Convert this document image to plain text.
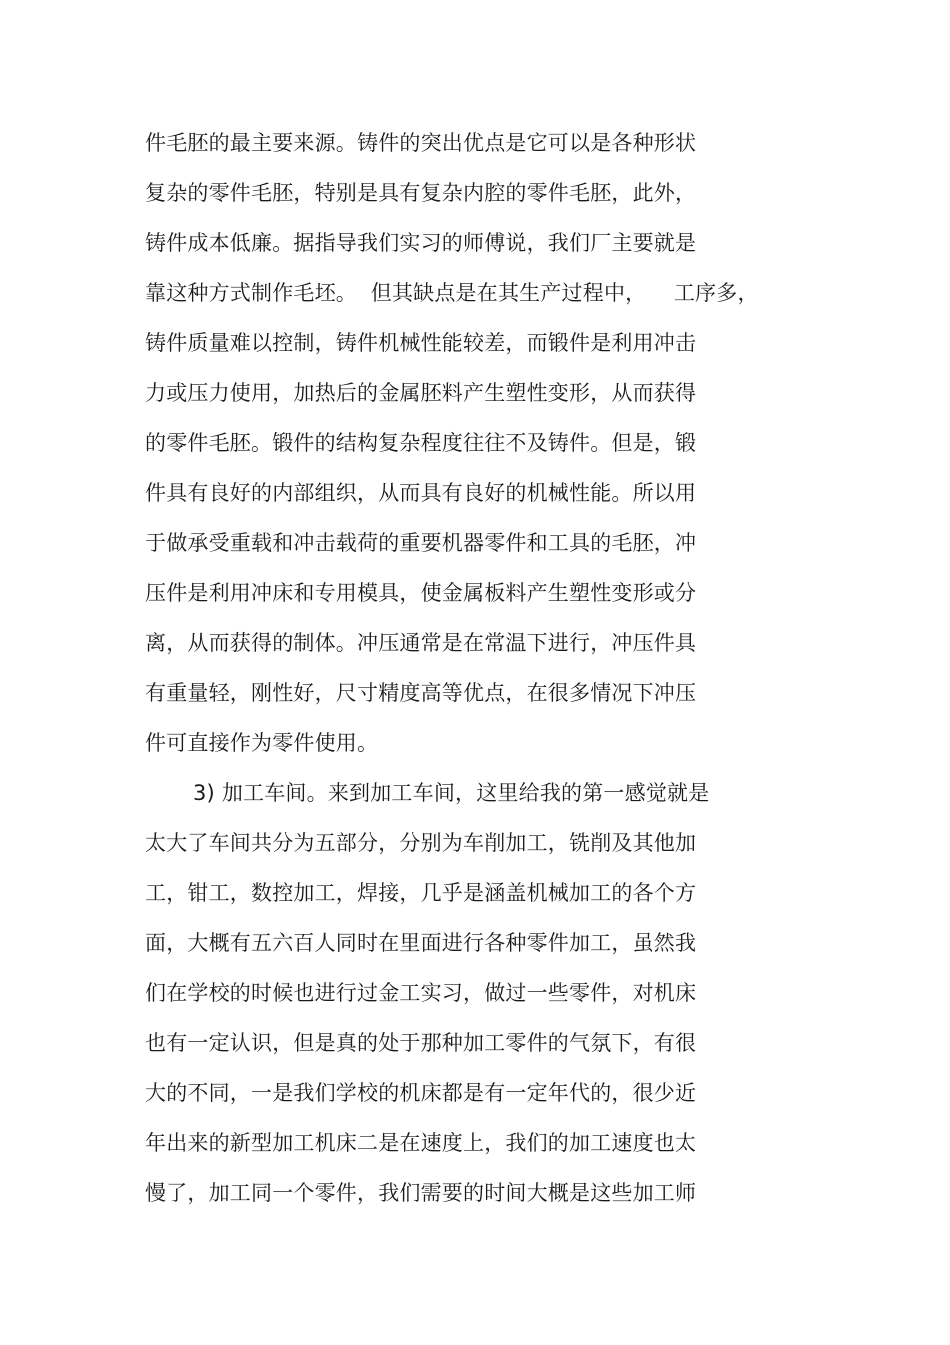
件毛胚的最主要来源。铸件的突出优点是它可以是各种形状
复杂的零件毛胚，特别是具有复杂内腔的零件毛胚，此外，
铸件成本低廉。据指导我们实习的师傅说，我们厂主要就是
靠这种方式制作毛坯。  但其缺点是在其生产过程中，    工序多，
铸件质量难以控制，铸件机械性能较差，而锻件是利用冲击
力或压力使用，加热后的金属胚料产生塑性变形，从而获得
的零件毛胚。锻件的结构复杂程度往往不及铸件。但是，锻
件具有良好的内部组织，从而具有良好的机械性能。所以用
于做承受重载和冲击载荷的重要机器零件和工具的毛胚，冲
压件是利用冲床和专用模具，使金属板料产生塑性变形或分
离，从而获得的制体。冲压通常是在常温下进行，冲压件具
有重量轻，刚性好，尺寸精度高等优点，在很多情况下冲压
件可直接作为零件使用。
3) 加工车间。来到加工车间，这里给我的第一感觉就是
太大了车间共分为五部分，分别为车削加工，铣削及其他加
工，钳工，数控加工，焊接，几乎是涵盖机械加工的各个方
面，大概有五六百人同时在里面进行各种零件加工，虽然我
们在学校的时候也进行过金工实习，做过一些零件，对机床
也有一定认识，但是真的处于那种加工零件的气氛下，有很
大的不同，一是我们学校的机床都是有一定年代的，很少近
年出来的新型加工机床二是在速度上，我们的加工速度也太
慢了，加工同一个零件，我们需要的时间大概是这些加工师
